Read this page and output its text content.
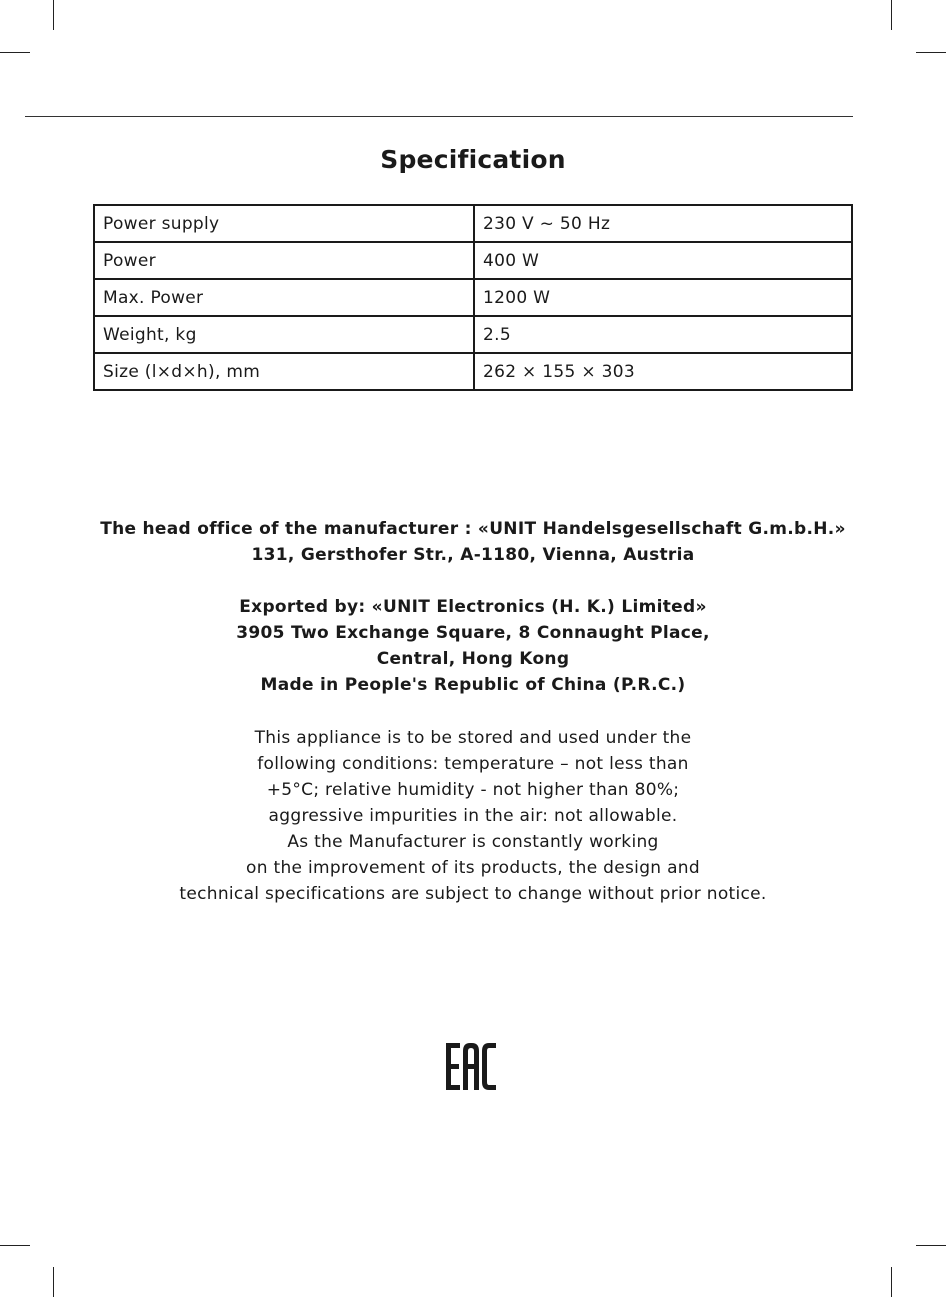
Specification
Power supply	230 V ~ 50 Hz
Power	400 W
Max. Power	1200 W
Weight, kg	2.5
Size (l×d×h), mm	262 × 155 × 303
The head office of the manufacturer : «UNIT Handelsgesellschaft G.m.b.H.»
131, Gersthofer Str., A-1180, Vienna, Austria
Exported by: «UNIT Electronics (H. K.) Limited»
3905 Two Exchange Square, 8 Connaught Place,
Central, Hong Kong
Made in People's Republic of China (P.R.C.)
This appliance is to be stored and used under the
following conditions: temperature – not less than
+5°C; relative humidity - not higher than 80%;
aggressive impurities in the air: not allowable.
As the Manufacturer is constantly working
on the improvement of its products, the design and
technical specifications are subject to change without prior notice.
